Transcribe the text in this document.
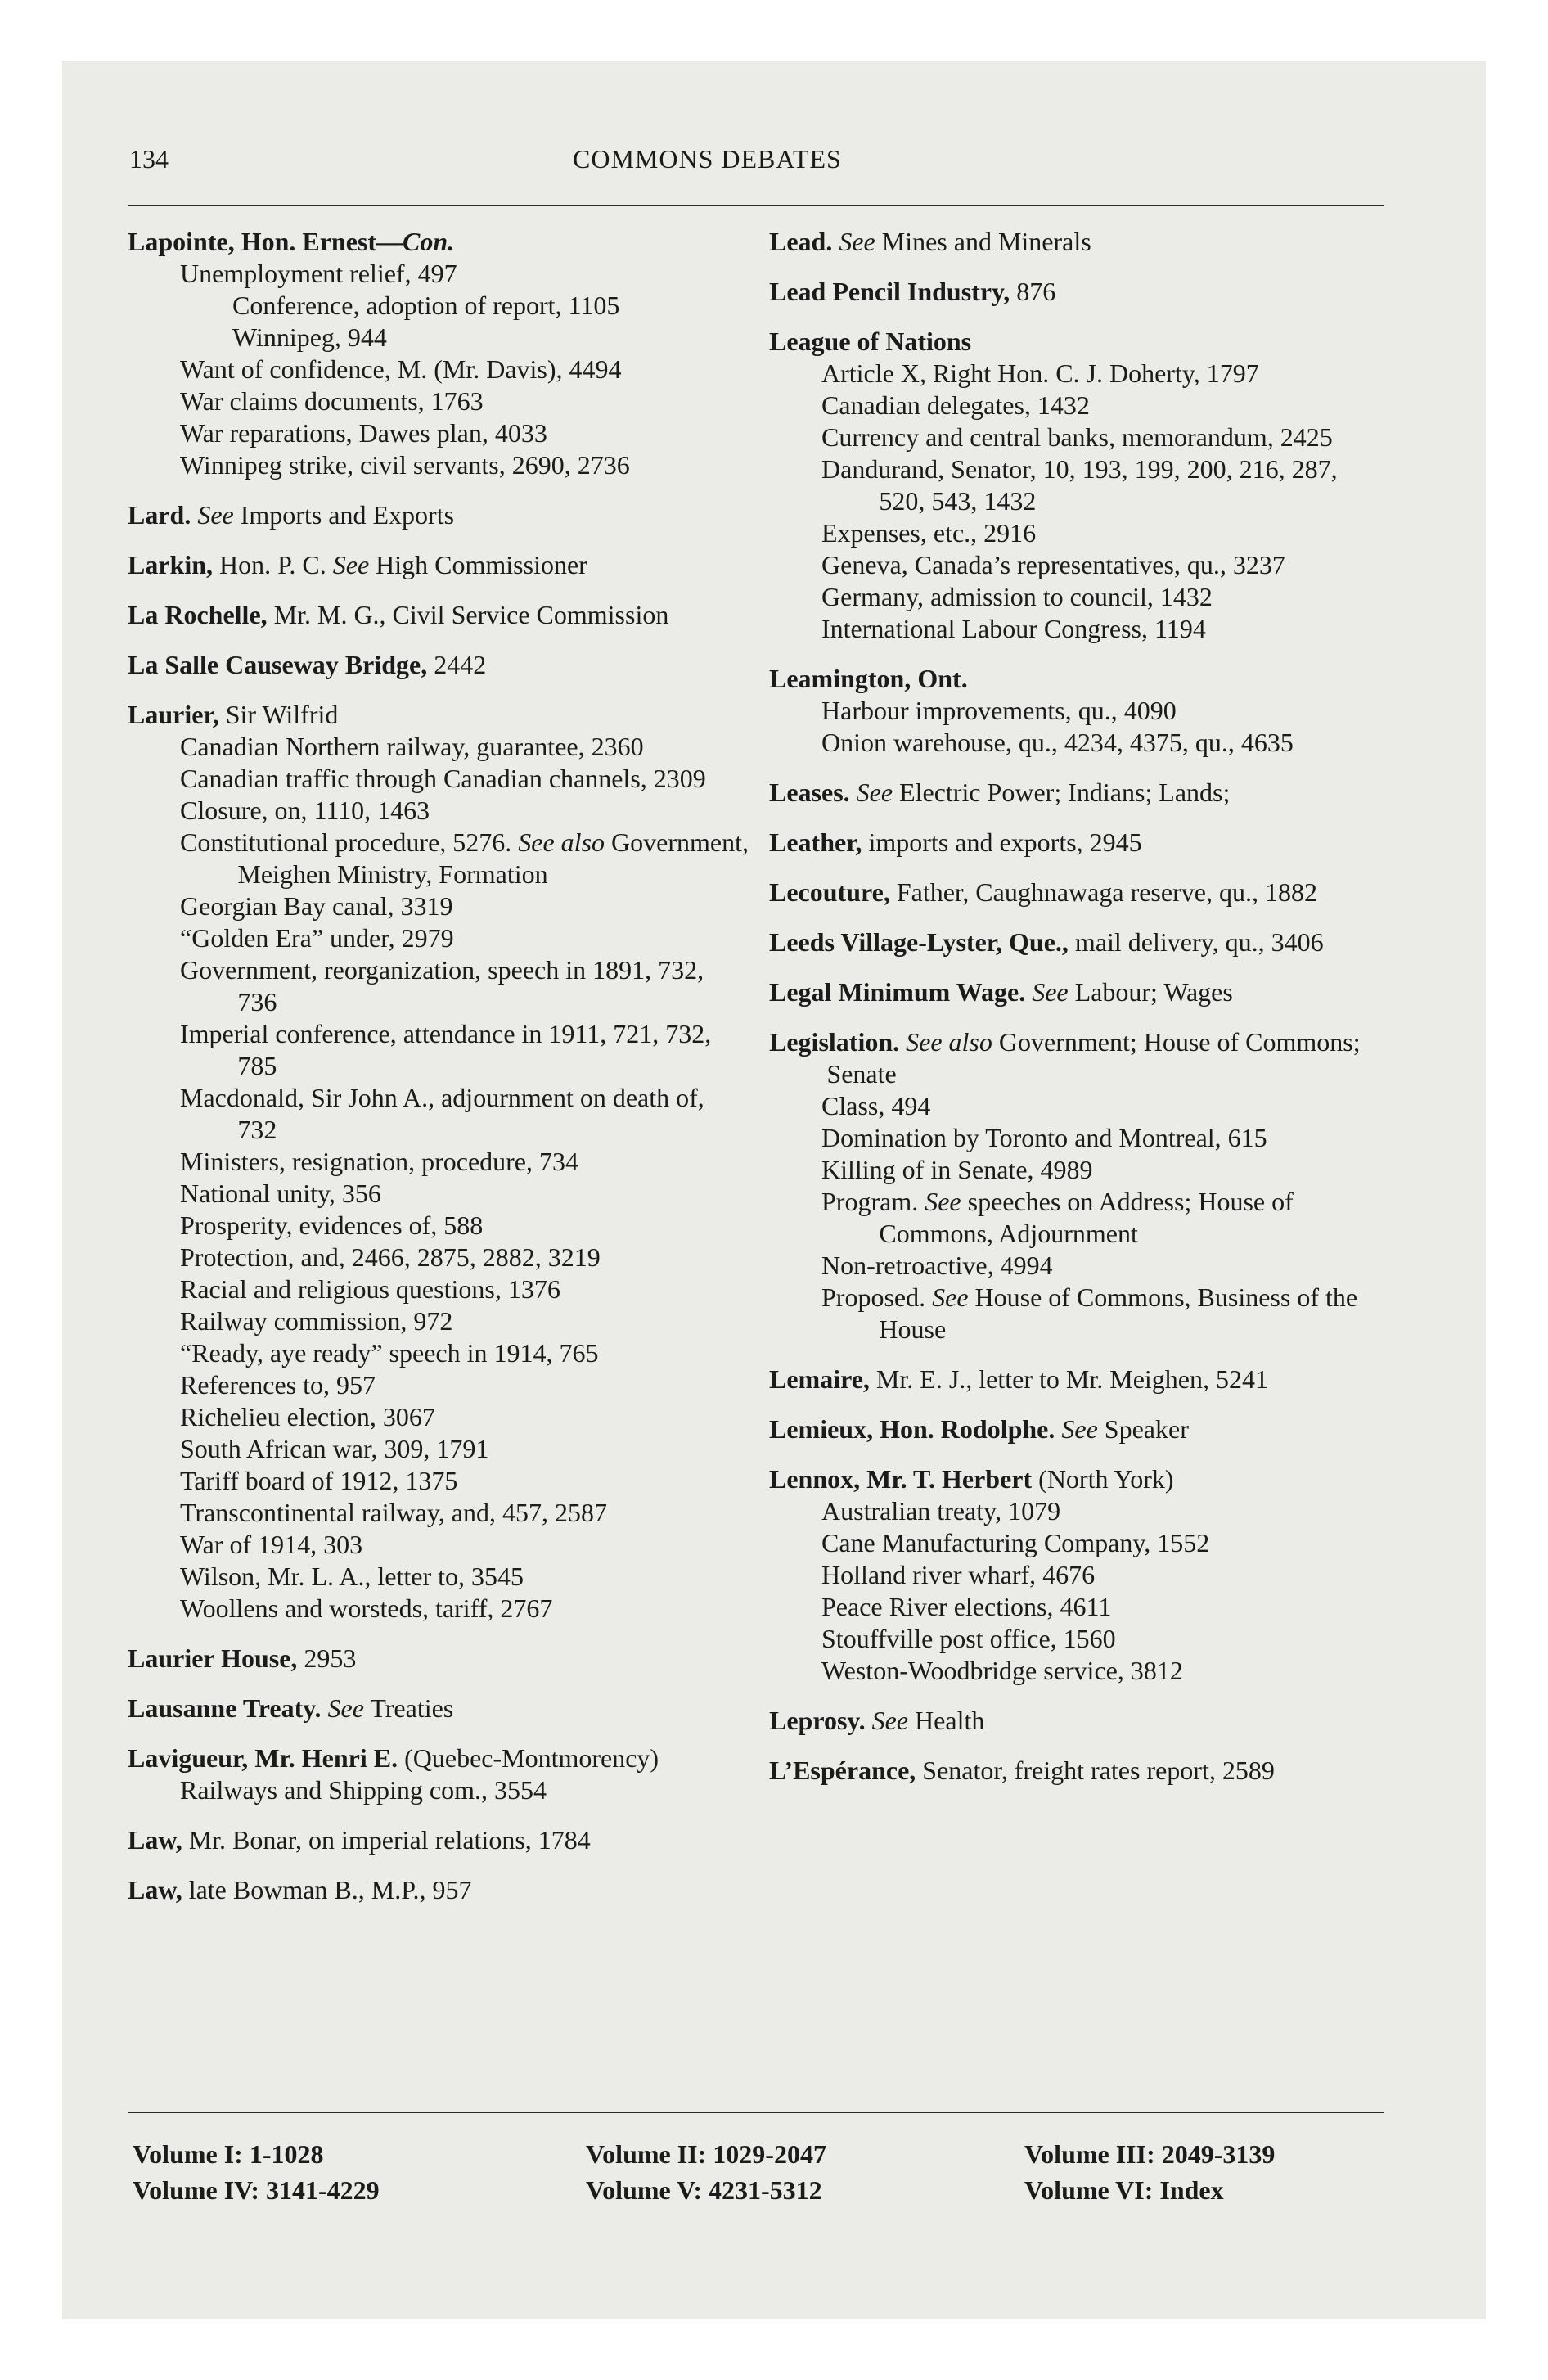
134	COMMONS DEBATES
Lapointe, Hon. Ernest—Con.
Unemployment relief, 497
Conference, adoption of report, 1105
Winnipeg, 944
Want of confidence, M. (Mr. Davis), 4494
War claims documents, 1763
War reparations, Dawes plan, 4033
Winnipeg strike, civil servants, 2690, 2736
Lard. See Imports and Exports
Larkin, Hon. P. C. See High Commissioner
La Rochelle, Mr. M. G., Civil Service Commission
La Salle Causeway Bridge, 2442
Laurier, Sir Wilfrid
Canadian Northern railway, guarantee, 2360
Canadian traffic through Canadian channels, 2309
Closure, on, 1110, 1463
Constitutional procedure, 5276. See also Government, Meighen Ministry, Formation
Georgian Bay canal, 3319
“Golden Era” under, 2979
Government, reorganization, speech in 1891, 732, 736
Imperial conference, attendance in 1911, 721, 732, 785
Macdonald, Sir John A., adjournment on death of, 732
Ministers, resignation, procedure, 734
National unity, 356
Prosperity, evidences of, 588
Protection, and, 2466, 2875, 2882, 3219
Racial and religious questions, 1376
Railway commission, 972
“Ready, aye ready” speech in 1914, 765
References to, 957
Richelieu election, 3067
South African war, 309, 1791
Tariff board of 1912, 1375
Transcontinental railway, and, 457, 2587
War of 1914, 303
Wilson, Mr. L. A., letter to, 3545
Woollens and worsteds, tariff, 2767
Laurier House, 2953
Lausanne Treaty. See Treaties
Lavigueur, Mr. Henri E. (Quebec-Montmorency)
Railways and Shipping com., 3554
Law, Mr. Bonar, on imperial relations, 1784
Law, late Bowman B., M.P., 957
Lead. See Mines and Minerals
Lead Pencil Industry, 876
League of Nations
Article X, Right Hon. C. J. Doherty, 1797
Canadian delegates, 1432
Currency and central banks, memorandum, 2425
Dandurand, Senator, 10, 193, 199, 200, 216, 287, 520, 543, 1432
Expenses, etc., 2916
Geneva, Canada’s representatives, qu., 3237
Germany, admission to council, 1432
International Labour Congress, 1194
Leamington, Ont.
Harbour improvements, qu., 4090
Onion warehouse, qu., 4234, 4375, qu., 4635
Leases. See Electric Power; Indians; Lands;
Leather, imports and exports, 2945
Lecouture, Father, Caughnawaga reserve, qu., 1882
Leeds Village-Lyster, Que., mail delivery, qu., 3406
Legal Minimum Wage. See Labour; Wages
Legislation. See also Government; House of Commons; Senate
Class, 494
Domination by Toronto and Montreal, 615
Killing of in Senate, 4989
Program. See speeches on Address; House of Commons, Adjournment
Non-retroactive, 4994
Proposed. See House of Commons, Business of the House
Lemaire, Mr. E. J., letter to Mr. Meighen, 5241
Lemieux, Hon. Rodolphe. See Speaker
Lennox, Mr. T. Herbert (North York)
Australian treaty, 1079
Cane Manufacturing Company, 1552
Holland river wharf, 4676
Peace River elections, 4611
Stouffville post office, 1560
Weston-Woodbridge service, 3812
Leprosy. See Health
L’Espérance, Senator, freight rates report, 2589
Volume I: 1-1028
Volume IV: 3141-4229
Volume II: 1029-2047
Volume V: 4231-5312
Volume III: 2049-3139
Volume VI: Index
